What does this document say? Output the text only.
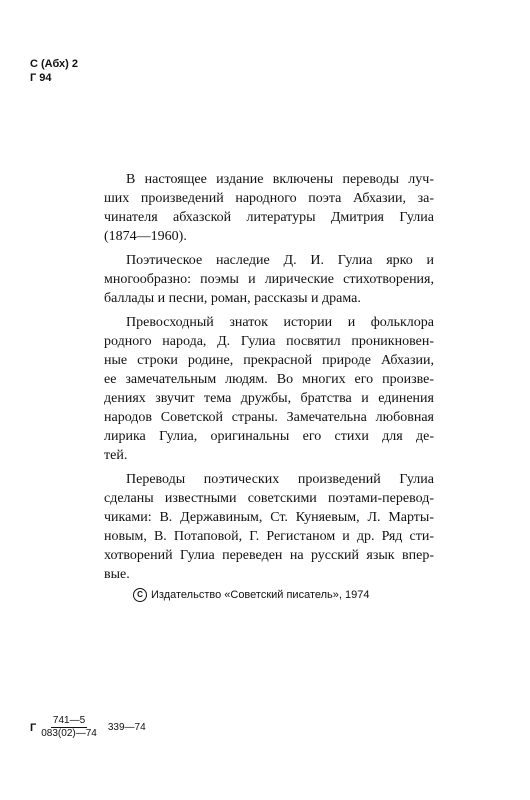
С (Абх) 2
Г 94
В настоящее издание включены переводы луч-
ших произведений народного поэта Абхазии, за-
чинателя абхазской литературы Дмитрия Гулиа
(1874—1960).
Поэтическое наследие Д. И. Гулиа ярко и
многообразно: поэмы и лирические стихотворения,
баллады и песни, роман, рассказы и драма.
Превосходный знаток истории и фольклора
родного народа, Д. Гулиа посвятил проникновен-
ные строки родине, прекрасной природе Абхазии,
ее замечательным людям. Во многих его произве-
дениях звучит тема дружбы, братства и единения
народов Советской страны. Замечательна любовная
лирика Гулиа, оригинальны его стихи для де-
тей.
Переводы поэтических произведений Гулиа
сделаны известными советскими поэтами-перевод-
чиками: В. Державиным, Ст. Куняевым, Л. Марты-
новым, В. Потаповой, Г. Регистаном и др. Ряд сти-
хотворений Гулиа переведен на русский язык впер-
вые.
C Издательство «Советский писатель», 1974
Г $\frac{741—5}{083(02)—74}$ 339—74
